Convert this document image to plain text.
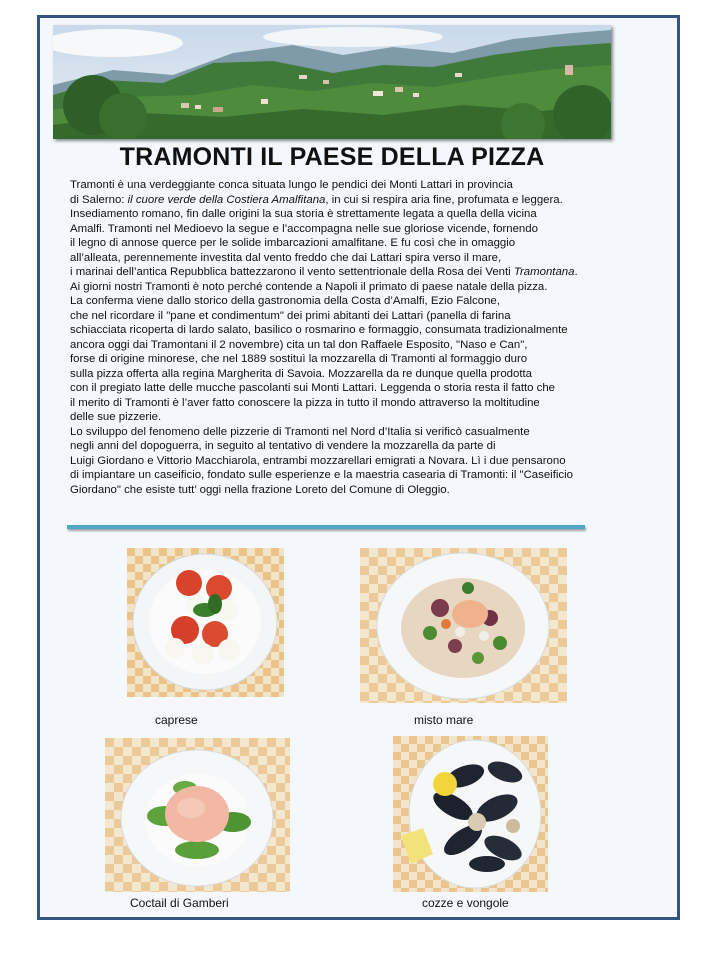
TRAMONTI IL PAESE DELLA PIZZA
Tramonti è una verdeggiante conca situata lungo le pendici dei Monti Lattari in provincia
di Salerno: il cuore verde della Costiera Amalfitana, in cui si respira aria fine, profumata e leggera.
Insediamento romano, fin dalle origini la sua storia è strettamente legata a quella della vicina
Amalfi. Tramonti nel Medioevo la segue e l’accompagna nelle sue gloriose vicende, fornendo
il legno di annose querce per le solide imbarcazioni amalfitane. E fu così che in omaggio
all’alleata, perennemente investita dal vento freddo che dai Lattari spira verso il mare,
i marinai dell’antica Repubblica battezzarono il vento settentrionale della Rosa dei Venti Tramontana.
Ai giorni nostri Tramonti è noto perché contende a Napoli il primato di paese natale della pizza.
La conferma viene dallo storico della gastronomia della Costa d’Amalfi, Ezio Falcone,
che nel ricordare il "pane et condimentum" dei primi abitanti dei Lattari (panella di farina
schiacciata ricoperta di lardo salato, basilico o rosmarino e formaggio, consumata tradizionalmente
ancora oggi dai Tramontani il 2 novembre) cita un tal don Raffaele Esposito, "Naso e Can",
forse di origine minorese, che nel 1889 sostituì la mozzarella di Tramonti al formaggio duro
sulla pizza offerta alla regina Margherita di Savoia. Mozzarella da re dunque quella prodotta
con il pregiato latte delle mucche pascolanti sui Monti Lattari. Leggenda o storia resta il fatto che
il merito di Tramonti è l’aver fatto conoscere la pizza in tutto il mondo attraverso la moltitudine
delle sue pizzerie.
Lo sviluppo del fenomeno delle pizzerie di Tramonti nel Nord d’Italia si verificò casualmente
negli anni del dopoguerra, in seguito al tentativo di vendere la mozzarella da parte di
Luigi Giordano e Vittorio Macchiarola, entrambi mozzarellari emigrati a Novara. Lì i due pensarono
di impiantare un caseificio, fondato sulle esperienze e la maestria casearia di Tramonti: il "Caseificio
Giordano" che esiste tutt’ oggi nella frazione Loreto del Comune di Oleggio.
caprese	misto mare
Coctail di Gamberi	cozze e vongole
